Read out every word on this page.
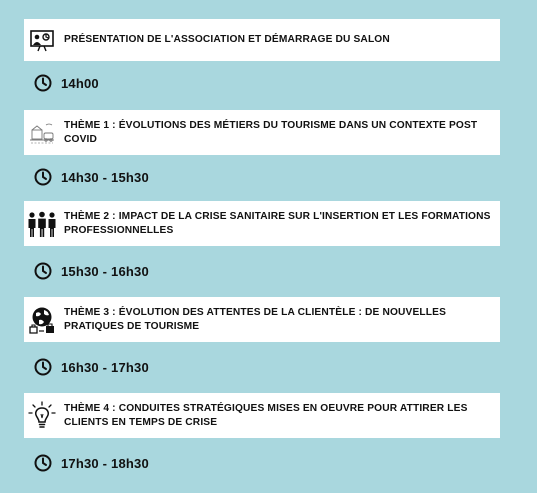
PRÉSENTATION DE L'ASSOCIATION ET DÉMARRAGE DU SALON
14h00
THÈME 1 : ÉVOLUTIONS DES MÉTIERS DU TOURISME DANS UN CONTEXTE POST COVID
14h30 - 15h30
THÈME 2 : IMPACT DE LA CRISE SANITAIRE SUR L'INSERTION ET LES FORMATIONS PROFESSIONNELLES
15h30 - 16h30
THÈME 3 : ÉVOLUTION DES ATTENTES DE LA CLIENTÈLE : DE NOUVELLES PRATIQUES DE TOURISME
16h30 - 17h30
THÈME 4 : CONDUITES STRATÉGIQUES MISES EN OEUVRE POUR ATTIRER LES CLIENTS EN TEMPS DE CRISE
17h30 - 18h30
